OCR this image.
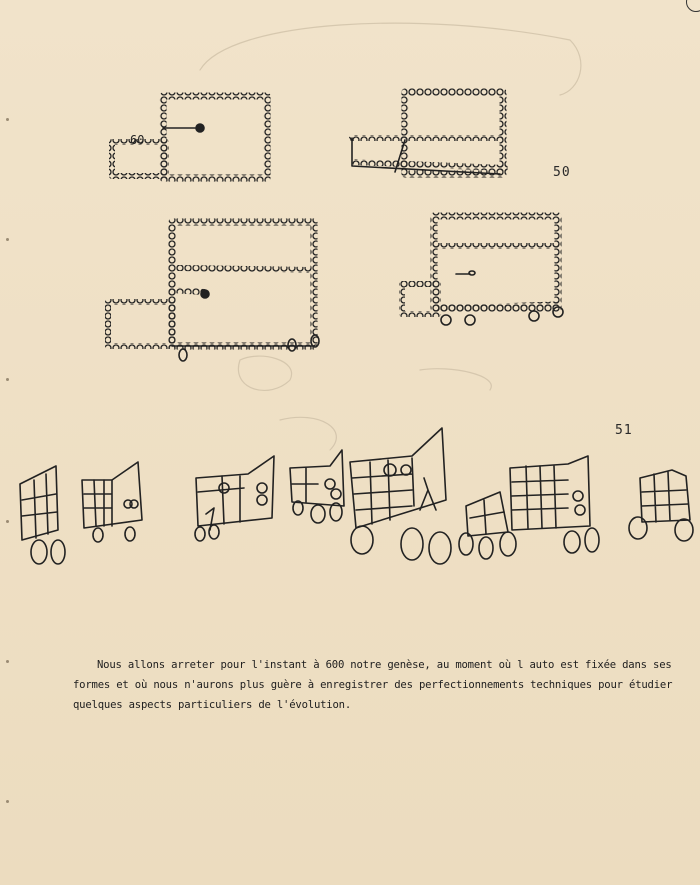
60
50
51

Nous allons arreter pour l'instant à 600 notre genèse, au moment où l auto est fixée dans ses

formes et où nous n'aurons plus guère à enregistrer des perfectionnements techniques pour étudier

quelques aspects particuliers de l'évolution.
